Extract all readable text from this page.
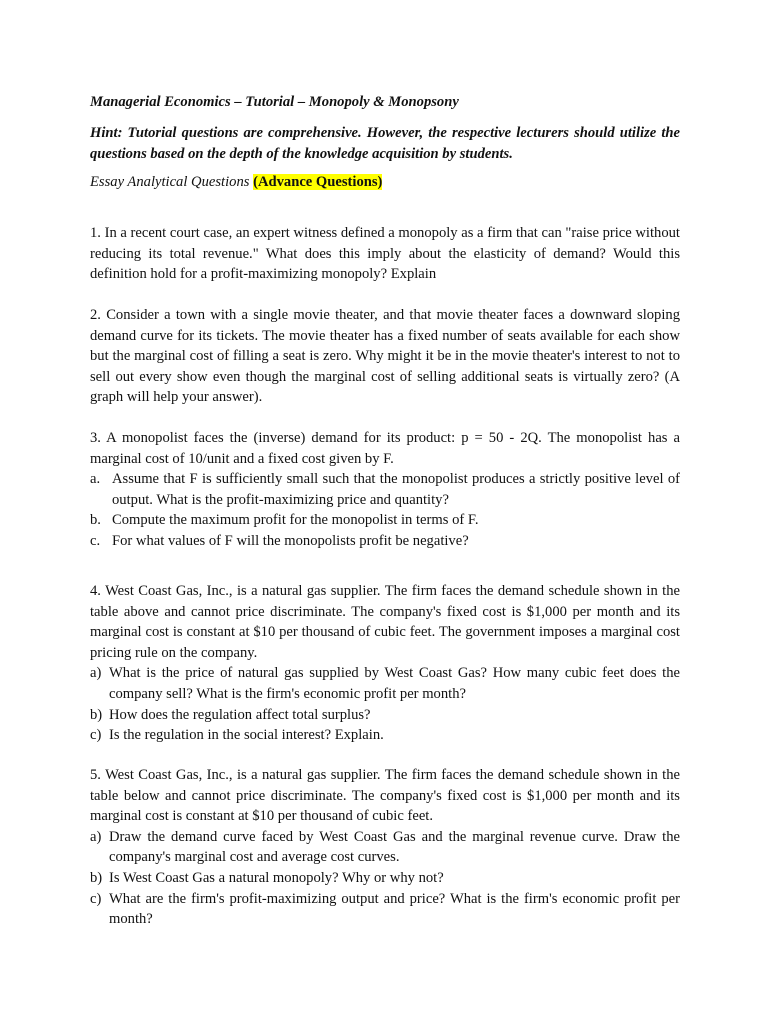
Managerial Economics – Tutorial – Monopoly & Monopsony

Hint: Tutorial questions are comprehensive. However, the respective lecturers should utilize the questions based on the depth of the knowledge acquisition by students.

Essay Analytical Questions (Advance Questions)

1. In a recent court case, an expert witness defined a monopoly as a firm that can "raise price without reducing its total revenue." What does this imply about the elasticity of demand? Would this definition hold for a profit-maximizing monopoly? Explain

2. Consider a town with a single movie theater, and that movie theater faces a downward sloping demand curve for its tickets. The movie theater has a fixed number of seats available for each show but the marginal cost of filling a seat is zero. Why might it be in the movie theater's interest to not to sell out every show even though the marginal cost of selling additional seats is virtually zero? (A graph will help your answer).

3. A monopolist faces the (inverse) demand for its product: p = 50 - 2Q. The monopolist has a marginal cost of 10/unit and a fixed cost given by F.

a. Assume that F is sufficiently small such that the monopolist produces a strictly positive level of output. What is the profit-maximizing price and quantity?
b. Compute the maximum profit for the monopolist in terms of F.
c. For what values of F will the monopolists profit be negative?

4. West Coast Gas, Inc., is a natural gas supplier. The firm faces the demand schedule shown in the table above and cannot price discriminate. The company's fixed cost is $1,000 per month and its marginal cost is constant at $10 per thousand of cubic feet. The government imposes a marginal cost pricing rule on the company.

a) What is the price of natural gas supplied by West Coast Gas? How many cubic feet does the company sell? What is the firm's economic profit per month?
b) How does the regulation affect total surplus?
c) Is the regulation in the social interest? Explain.

5. West Coast Gas, Inc., is a natural gas supplier. The firm faces the demand schedule shown in the table below and cannot price discriminate. The company's fixed cost is $1,000 per month and its marginal cost is constant at $10 per thousand of cubic feet.

a) Draw the demand curve faced by West Coast Gas and the marginal revenue curve. Draw the company's marginal cost and average cost curves.
b) Is West Coast Gas a natural monopoly? Why or why not?
c) What are the firm's profit-maximizing output and price? What is the firm's economic profit per month?
